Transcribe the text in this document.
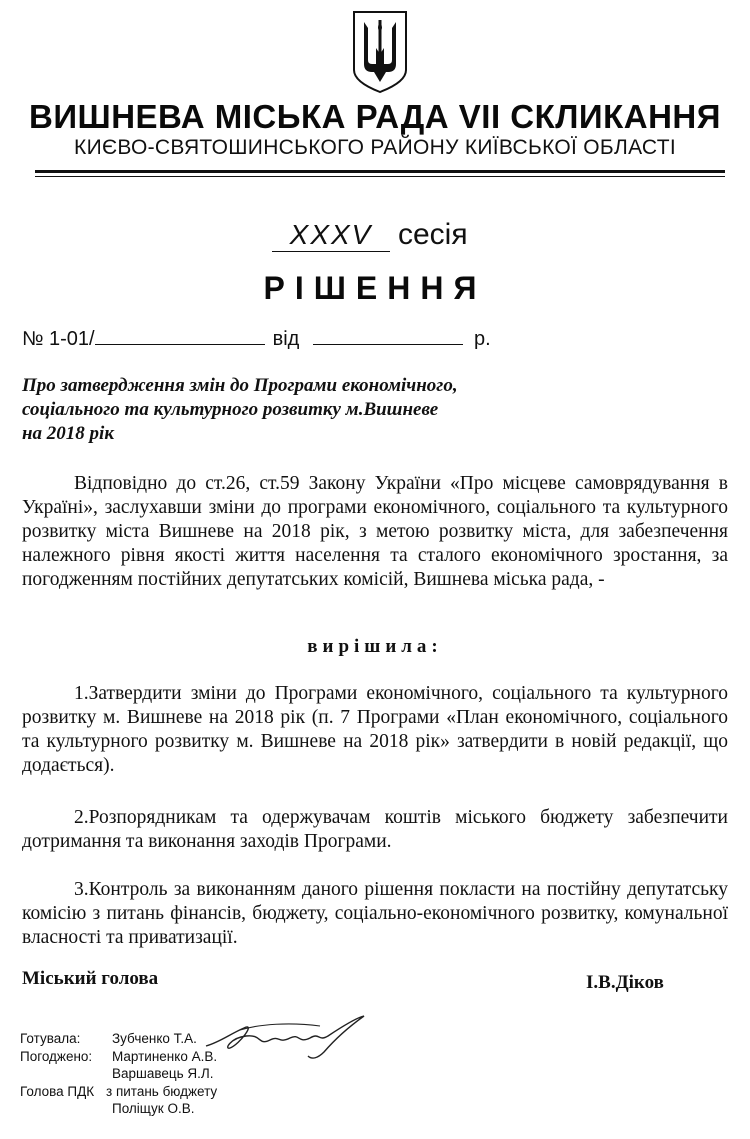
ВИШНЕВА МІСЬКА РАДА VII СКЛИКАННЯ
КИЄВО-СВЯТОШИНСЬКОГО РАЙОНУ КИЇВСЬКОЇ ОБЛАСТІ
XXXV сесія
РІШЕННЯ
№ 1-01/	від	р.
Про затвердження змін до Програми економічного,
соціального та культурного розвитку м.Вишневе
на 2018 рік
Відповідно до ст.26, ст.59 Закону України «Про місцеве самоврядування в Україні», заслухавши зміни до програми економічного, соціального та культурного розвитку міста Вишневе на 2018 рік, з метою розвитку міста, для забезпечення належного рівня якості життя населення та сталого економічного зростання, за погодженням постійних депутатських комісій, Вишнева міська рада, -
вирішила:
1.Затвердити зміни до Програми економічного, соціального та культурного розвитку м. Вишневе на 2018 рік (п. 7 Програми «План економічного, соціального та культурного розвитку м. Вишневе на 2018 рік» затвердити в новій редакції, що додається).
2.Розпорядникам та одержувачам коштів міського бюджету забезпечити дотримання та виконання заходів Програми.
3.Контроль за виконанням даного рішення покласти на постійну депутатську комісію з питань фінансів, бюджету, соціально-економічного розвитку, комунальної власності та приватизації.
Міський голова	І.В.Діков
Готувала: Зубченко Т.А.
Погоджено: Мартиненко А.В.
Варшавець Я.Л.
Голова ПДК з питань бюджету
Поліщук О.В.
